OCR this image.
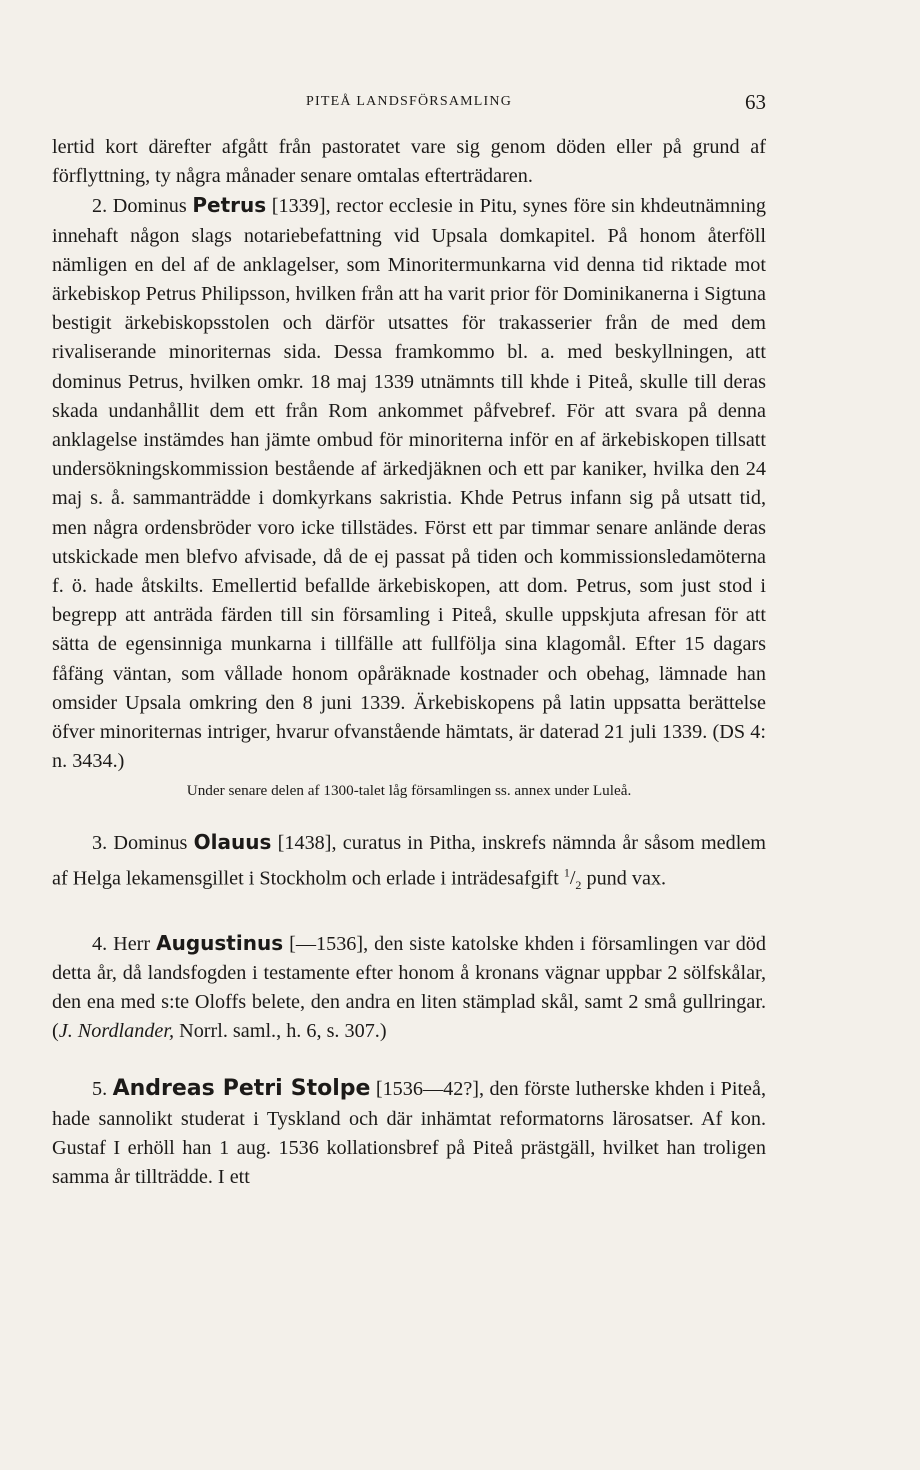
PITEÅ LANDSFÖRSAMLING	63

lertid kort därefter afgått från pastoratet vare sig genom döden eller på grund af förflyttning, ty några månader senare omtalas efterträdaren.

2. Dominus Petrus [1339], rector ecclesie in Pitu, synes före sin khdeutnämning innehaft någon slags notariebefattning vid Upsala domkapitel. På honom återföll nämligen en del af de anklagelser, som Minoritermunkarna vid denna tid riktade mot ärkebiskop Petrus Philipsson, hvilken från att ha varit prior för Dominikanerna i Sigtuna bestigit ärkebiskopsstolen och därför utsattes för trakasserier från de med dem rivaliserande minoriternas sida. Dessa framkommo bl. a. med beskyllningen, att dominus Petrus, hvilken omkr. 18 maj 1339 utnämnts till khde i Piteå, skulle till deras skada undanhållit dem ett från Rom ankommet påfvebref. För att svara på denna anklagelse instämdes han jämte ombud för minoriterna inför en af ärkebiskopen tillsatt undersökningskommission bestående af ärkedjäknen och ett par kaniker, hvilka den 24 maj s. å. sammanträdde i domkyrkans sakristia. Khde Petrus infann sig på utsatt tid, men några ordensbröder voro icke tillstädes. Först ett par timmar senare anlände deras utskickade men blefvo afvisade, då de ej passat på tiden och kommissionsledamöterna f. ö. hade åtskilts. Emellertid befallde ärkebiskopen, att dom. Petrus, som just stod i begrepp att anträda färden till sin församling i Piteå, skulle uppskjuta afresan för att sätta de egensinniga munkarna i tillfälle att fullfölja sina klagomål. Efter 15 dagars fåfäng väntan, som vållade honom opåräknade kostnader och obehag, lämnade han omsider Upsala omkring den 8 juni 1339. Ärkebiskopens på latin uppsatta berättelse öfver minoriternas intriger, hvarur ofvanstående hämtats, är daterad 21 juli 1339. (DS 4: n. 3434.)

Under senare delen af 1300-talet låg församlingen ss. annex under Luleå.

3. Dominus Olauus [1438], curatus in Pitha, inskrefs nämnda år såsom medlem af Helga lekamensgillet i Stockholm och erlade i inträdesafgift $^1/_2$ pund vax.

4. Herr Augustinus [—1536], den siste katolske khden i församlingen var död detta år, då landsfogden i testamente efter honom å kronans vägnar uppbar 2 sölfskålar, den ena med s:te Oloffs belete, den andra en liten stämplad skål, samt 2 små gullringar. (J. Nordlander, Norrl. saml., h. 6, s. 307.)

5. Andreas Petri Stolpe [1536—42?], den förste lutherske khden i Piteå, hade sannolikt studerat i Tyskland och där inhämtat reformatorns lärosatser. Af kon. Gustaf I erhöll han 1 aug. 1536 kollationsbref på Piteå prästgäll, hvilket han troligen samma år tillträdde. I ett
